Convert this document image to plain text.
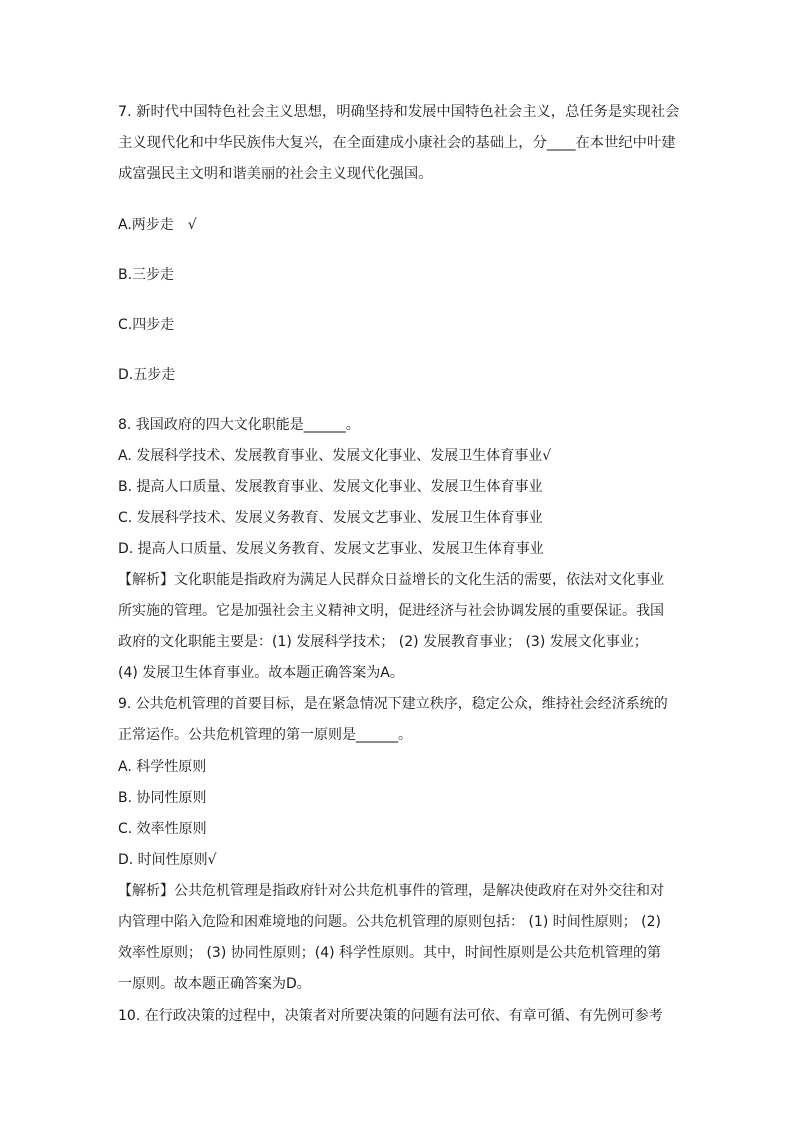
7. 新时代中国特色社会主义思想，明确坚持和发展中国特色社会主义，总任务是实现社会
主义现代化和中华民族伟大复兴，在全面建成小康社会的基础上，分____在本世纪中叶建
成富强民主文明和谐美丽的社会主义现代化强国。
A.两步走　√
B.三步走
C.四步走
D.五步走
8. 我国政府的四大文化职能是______。
A. 发展科学技术、发展教育事业、发展文化事业、发展卫生体育事业√
B. 提高人口质量、发展教育事业、发展文化事业、发展卫生体育事业
C. 发展科学技术、发展义务教育、发展文艺事业、发展卫生体育事业
D. 提高人口质量、发展义务教育、发展文艺事业、发展卫生体育事业
【解析】文化职能是指政府为满足人民群众日益增长的文化生活的需要，依法对文化事业
所实施的管理。它是加强社会主义精神文明，促进经济与社会协调发展的重要保证。我国
政府的文化职能主要是：(1) 发展科学技术； (2) 发展教育事业； (3) 发展文化事业；
(4) 发展卫生体育事业。故本题正确答案为A。
9. 公共危机管理的首要目标，是在紧急情况下建立秩序，稳定公众，维持社会经济系统的
正常运作。公共危机管理的第一原则是______。
A. 科学性原则
B. 协同性原则
C. 效率性原则
D. 时间性原则√
【解析】公共危机管理是指政府针对公共危机事件的管理，是解决使政府在对外交往和对
内管理中陷入危险和困难境地的问题。公共危机管理的原则包括： (1) 时间性原则； (2)
效率性原则； (3) 协同性原则；(4) 科学性原则。其中，时间性原则是公共危机管理的第
一原则。故本题正确答案为D。
10. 在行政决策的过程中，决策者对所要决策的问题有法可依、有章可循、有先例可参考
